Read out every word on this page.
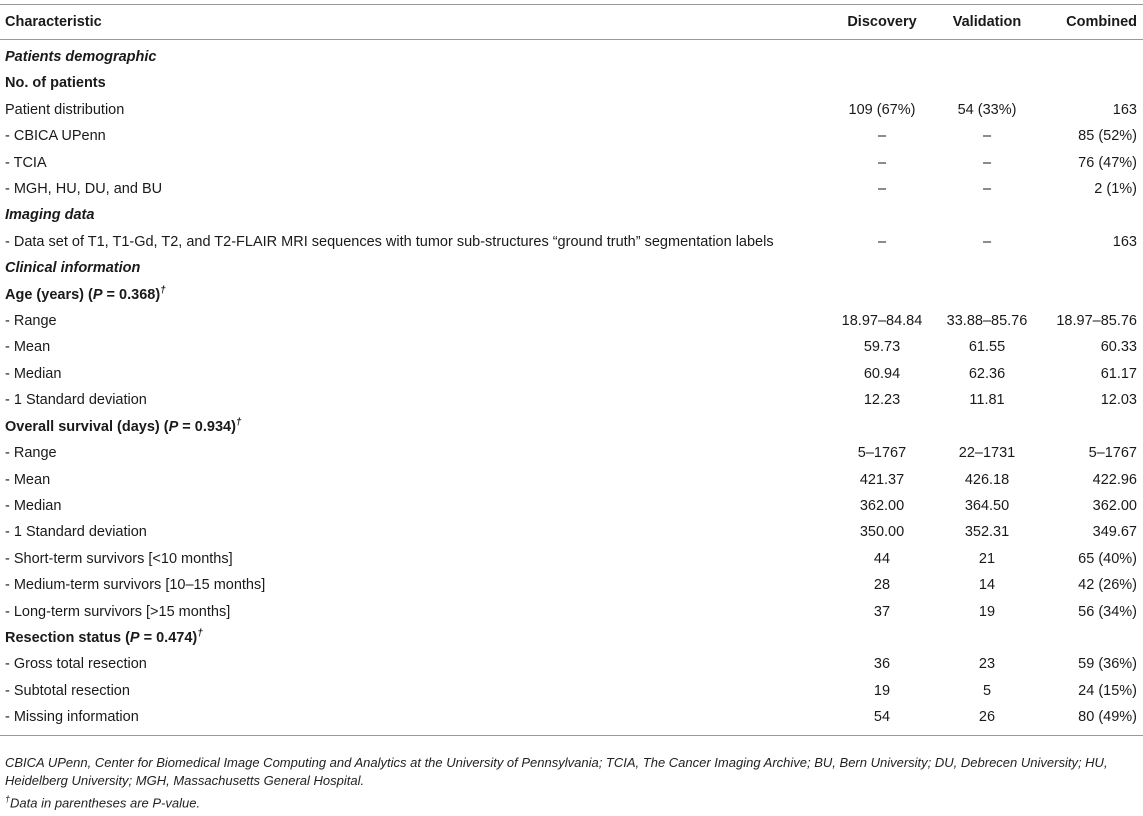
Characteristic	Discovery	Validation	Combined
Patients demographic			
No. of patients			
Patient distribution	109 (67%)	54 (33%)	163
- CBICA UPenn	–	–	85 (52%)
- TCIA	–	–	76 (47%)
- MGH, HU, DU, and BU	–	–	2 (1%)
Imaging data			
- Data set of T1, T1-Gd, T2, and T2-FLAIR MRI sequences with tumor sub-structures “ground truth” segmentation labels	–	–	163
Clinical information			
Age (years) (P = 0.368)†
- Range	18.97–84.84	33.88–85.76	18.97–85.76
- Mean	59.73	61.55	60.33
- Median	60.94	62.36	61.17
- 1 Standard deviation	12.23	11.81	12.03
Overall survival (days) (P = 0.934)†
- Range	5–1767	22–1731	5–1767
- Mean	421.37	426.18	422.96
- Median	362.00	364.50	362.00
- 1 Standard deviation	350.00	352.31	349.67
- Short-term survivors [<10 months]	44	21	65 (40%)
- Medium-term survivors [10–15 months]	28	14	42 (26%)
- Long-term survivors [>15 months]	37	19	56 (34%)
Resection status (P = 0.474)†
- Gross total resection	36	23	59 (36%)
- Subtotal resection	19	5	24 (15%)
- Missing information	54	26	80 (49%)

CBICA UPenn, Center for Biomedical Image Computing and Analytics at the University of Pennsylvania; TCIA, The Cancer Imaging Archive; BU, Bern University; DU, Debrecen University; HU, Heidelberg University; MGH, Massachusetts General Hospital.

†Data in parentheses are P-value.
